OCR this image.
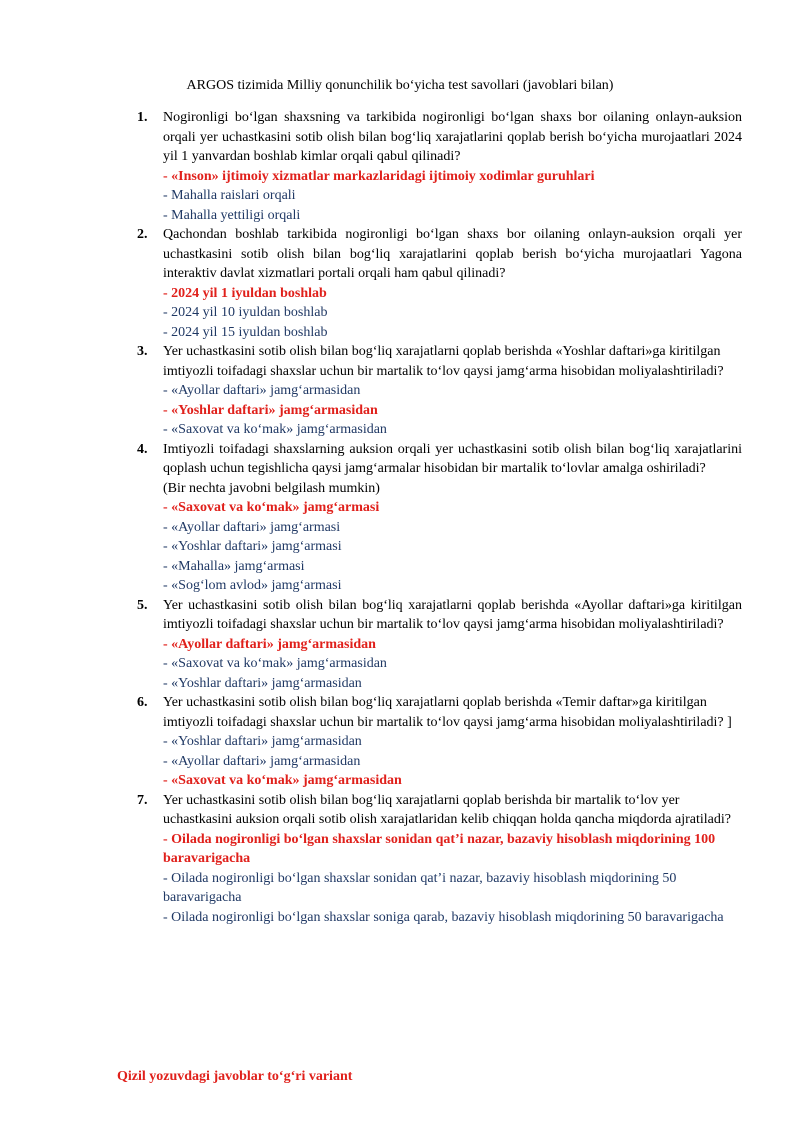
ARGOS tizimida Milliy qonunchilik bo‘yicha test savollari (javoblari bilan)
1. Nogironligi bo‘lgan shaxsning va tarkibida nogironligi bo‘lgan shaxs bor oilaning onlayn-auksion orqali yer uchastkasini sotib olish bilan bog‘liq xarajatlarini qoplab berish bo‘yicha murojaatlari 2024 yil 1 yanvardan boshlab kimlar orqali qabul qilinadi?
- «Inson» ijtimoiy xizmatlar markazlaridagi ijtimoiy xodimlar guruhlari
- Mahalla raislari orqali
- Mahalla yettiligi orqali
2. Qachondan boshlab tarkibida nogironligi bo‘lgan shaxs bor oilaning onlayn-auksion orqali yer uchastkasini sotib olish bilan bog‘liq xarajatlarini qoplab berish bo‘yicha murojaatlari Yagona interaktiv davlat xizmatlari portali orqali ham qabul qilinadi?
- 2024 yil 1 iyuldan boshlab
- 2024 yil 10 iyuldan boshlab
- 2024 yil 15 iyuldan boshlab
3. Yer uchastkasini sotib olish bilan bog‘liq xarajatlarni qoplab berishda «Yoshlar daftari»ga kiritilgan imtiyozli toifadagi shaxslar uchun bir martalik to‘lov qaysi jamg‘arma hisobidan moliyalashtiriladi?
- «Ayollar daftari» jamg‘armasidan
- «Yoshlar daftari» jamg‘armasidan
- «Saxovat va ko‘mak» jamg‘armasidan
4. Imtiyozli toifadagi shaxslarning auksion orqali yer uchastkasini sotib olish bilan bog‘liq xarajatlarini qoplash uchun tegishlicha qaysi jamg‘armalar hisobidan bir martalik to‘lovlar amalga oshiriladi?
(Bir nechta javobni belgilash mumkin)
- «Saxovat va ko‘mak» jamg‘armasi
- «Ayollar daftari» jamg‘armasi
- «Yoshlar daftari» jamg‘armasi
- «Mahalla» jamg‘armasi
- «Sog‘lom avlod» jamg‘armasi
5. Yer uchastkasini sotib olish bilan bog‘liq xarajatlarni qoplab berishda «Ayollar daftari»ga kiritilgan imtiyozli toifadagi shaxslar uchun bir martalik to‘lov qaysi jamg‘arma hisobidan moliyalashtiriladi?
- «Ayollar daftari» jamg‘armasidan
- «Saxovat va ko‘mak» jamg‘armasidan
- «Yoshlar daftari» jamg‘armasidan
6. Yer uchastkasini sotib olish bilan bog‘liq xarajatlarni qoplab berishda «Temir daftar»ga kiritilgan imtiyozli toifadagi shaxslar uchun bir martalik to‘lov qaysi jamg‘arma hisobidan moliyalashtiriladi? ]
- «Yoshlar daftari» jamg‘armasidan
- «Ayollar daftari» jamg‘armasidan
- «Saxovat va ko‘mak» jamg‘armasidan
7. Yer uchastkasini sotib olish bilan bog‘liq xarajatlarni qoplab berishda bir martalik to‘lov yer uchastkasini auksion orqali sotib olish xarajatlaridan kelib chiqqan holda qancha miqdorda ajratiladi?
- Oilada nogironligi bo‘lgan shaxslar sonidan qat’i nazar, bazaviy hisoblash miqdorining 100 baravarigacha
- Oilada nogironligi bo‘lgan shaxslar sonidan qat’i nazar, bazaviy hisoblash miqdorining 50 baravarigacha
- Oilada nogironligi bo‘lgan shaxslar soniga qarab, bazaviy hisoblash miqdorining 50 baravarigacha
Qizil yozuvdagi javoblar to‘g‘ri variant
